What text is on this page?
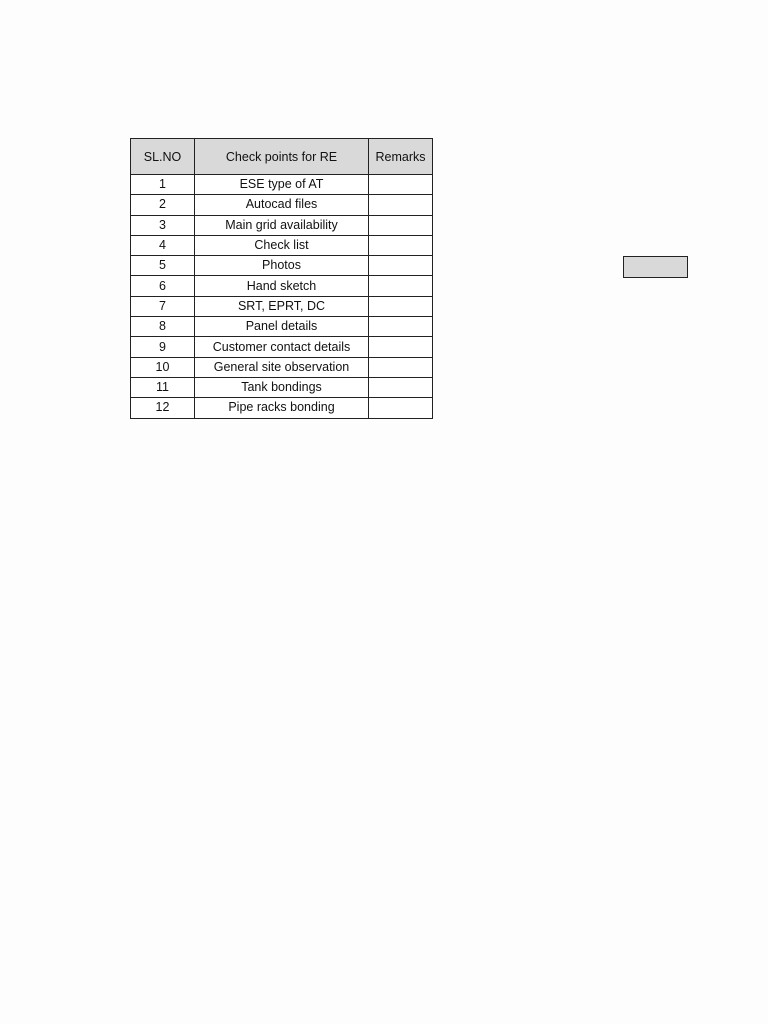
SL.NO	Check points for RE	Remarks
1	ESE type of AT	
2	Autocad files	
3	Main grid availability	
4	Check list	
5	Photos	
6	Hand sketch	
7	SRT, EPRT, DC	
8	Panel details	
9	Customer contact details	
10	General site observation	
11	Tank bondings	
12	Pipe racks bonding	
